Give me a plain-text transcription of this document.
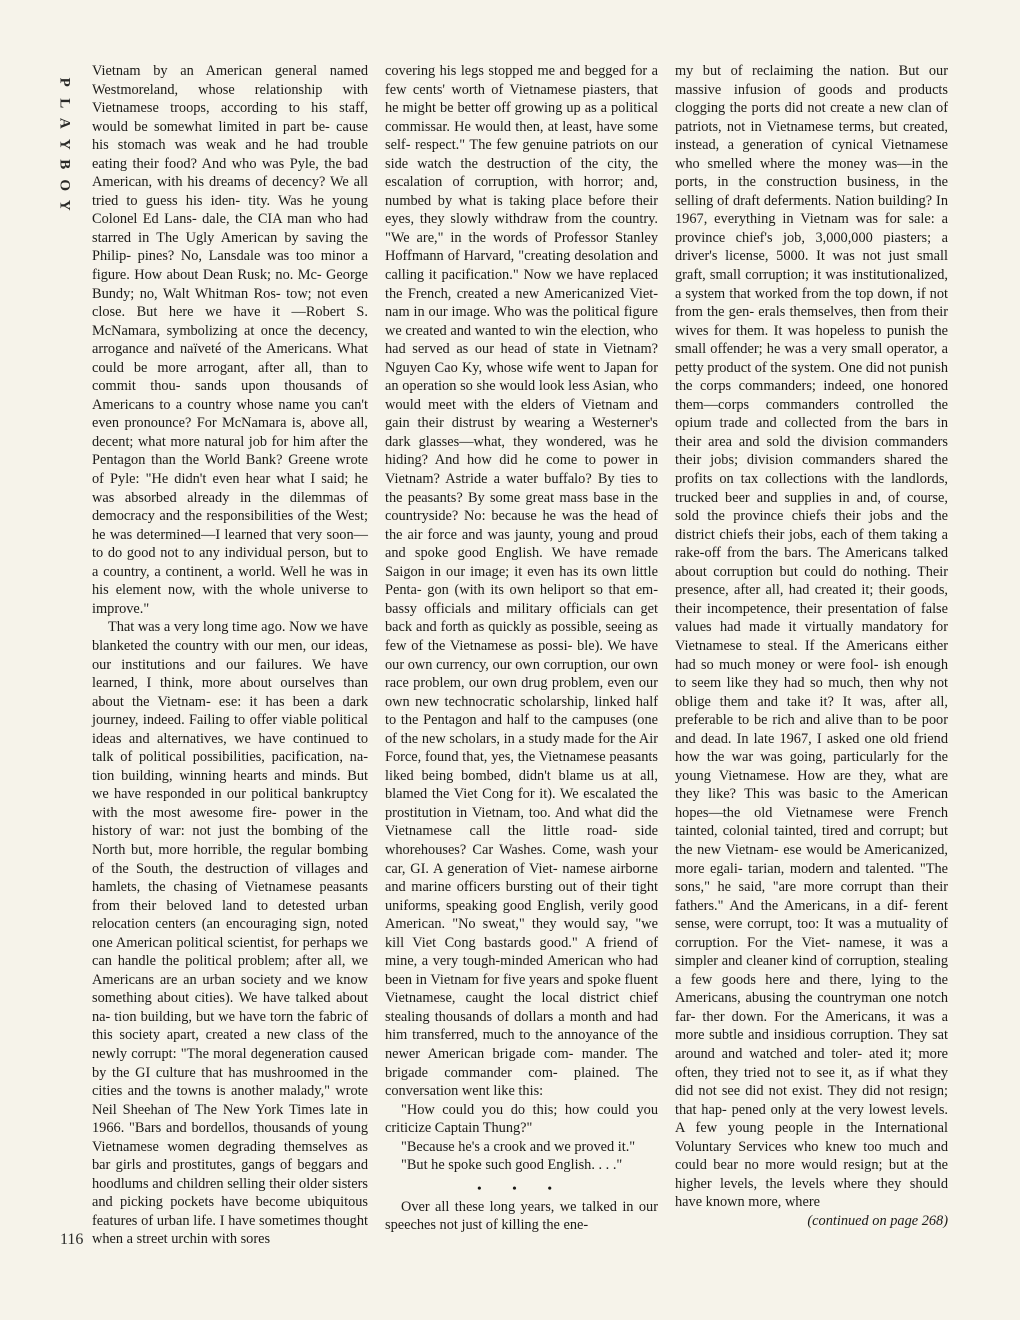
P
L
A
Y
B
O
Y
116

Vietnam by an American general named Westmoreland, whose relationship with Vietnamese troops, according to his staff, would be somewhat limited in part be- cause his stomach was weak and he had trouble eating their food? And who was Pyle, the bad American, with his dreams of decency? We all tried to guess his iden- tity. Was he young Colonel Ed Lans- dale, the CIA man who had starred in The Ugly American by saving the Philip- pines? No, Lansdale was too minor a figure. How about Dean Rusk; no. Mc- George Bundy; no, Walt Whitman Ros- tow; not even close. But here we have it —Robert S. McNamara, symbolizing at once the decency, arrogance and naïveté of the Americans. What could be more arrogant, after all, than to commit thou- sands upon thousands of Americans to a country whose name you can't even pronounce? For McNamara is, above all, decent; what more natural job for him after the Pentagon than the World Bank? Greene wrote of Pyle: "He didn't even hear what I said; he was absorbed already in the dilemmas of democracy and the responsibilities of the West; he was determined—I learned that very soon—to do good not to any individual person, but to a country, a continent, a world. Well he was in his element now, with the whole universe to improve."

That was a very long time ago. Now we have blanketed the country with our men, our ideas, our institutions and our failures. We have learned, I think, more about ourselves than about the Vietnam- ese: it has been a dark journey, indeed. Failing to offer viable political ideas and alternatives, we have continued to talk of political possibilities, pacification, na- tion building, winning hearts and minds. But we have responded in our political bankruptcy with the most awesome fire- power in the history of war: not just the bombing of the North but, more horrible, the regular bombing of the South, the destruction of villages and hamlets, the chasing of Vietnamese peasants from their beloved land to detested urban relocation centers (an encouraging sign, noted one American political scientist, for perhaps we can handle the political problem; after all, we Americans are an urban society and we know something about cities). We have talked about na- tion building, but we have torn the fabric of this society apart, created a new class of the newly corrupt: "The moral degeneration caused by the GI culture that has mushroomed in the cities and the towns is another malady," wrote Neil Sheehan of The New York Times late in 1966. "Bars and bordellos, thousands of young Vietnamese women degrading themselves as bar girls and prostitutes, gangs of beggars and hoodlums and children selling their older sisters and picking pockets have become ubiquitous features of urban life. I have sometimes thought when a street urchin with sores

covering his legs stopped me and begged for a few cents' worth of Vietnamese piasters, that he might be better off growing up as a political commissar. He would then, at least, have some self- respect." The few genuine patriots on our side watch the destruction of the city, the escalation of corruption, with horror; and, numbed by what is taking place before their eyes, they slowly withdraw from the country. "We are," in the words of Professor Stanley Hoffmann of Harvard, "creating desolation and calling it pacification." Now we have replaced the French, created a new Americanized Viet- nam in our image. Who was the political figure we created and wanted to win the election, who had served as our head of state in Vietnam? Nguyen Cao Ky, whose wife went to Japan for an operation so she would look less Asian, who would meet with the elders of Vietnam and gain their distrust by wearing a Westerner's dark glasses—what, they wondered, was he hiding? And how did he come to power in Vietnam? Astride a water buffalo? By ties to the peasants? By some great mass base in the countryside? No: because he was the head of the air force and was jaunty, young and proud and spoke good English. We have remade Saigon in our image; it even has its own little Penta- gon (with its own heliport so that em- bassy officials and military officials can get back and forth as quickly as possible, seeing as few of the Vietnamese as possi- ble). We have our own currency, our own corruption, our own race problem, our own drug problem, even our own new technocratic scholarship, linked half to the Pentagon and half to the campuses (one of the new scholars, in a study made for the Air Force, found that, yes, the Vietnamese peasants liked being bombed, didn't blame us at all, blamed the Viet Cong for it). We escalated the prostitution in Vietnam, too. And what did the Vietnamese call the little road- side whorehouses? Car Washes. Come, wash your car, GI. A generation of Viet- namese airborne and marine officers bursting out of their tight uniforms, speaking good English, verily good American. "No sweat," they would say, "we kill Viet Cong bastards good." A friend of mine, a very tough-minded American who had been in Vietnam for five years and spoke fluent Vietnamese, caught the local district chief stealing thousands of dollars a month and had him transferred, much to the annoyance of the newer American brigade com- mander. The brigade commander com- plained. The conversation went like this:

"How could you do this; how could you criticize Captain Thung?"

"Because he's a crook and we proved it."

"But he spoke such good English. . . ."

• • •

Over all these long years, we talked in our speeches not just of killing the ene-

my but of reclaiming the nation. But our massive infusion of goods and products clogging the ports did not create a new clan of patriots, not in Vietnamese terms, but created, instead, a generation of cynical Vietnamese who smelled where the money was—in the ports, in the construction business, in the selling of draft deferments. Nation building? In 1967, everything in Vietnam was for sale: a province chief's job, 3,000,000 piasters; a driver's license, 5000. It was not just small graft, small corruption; it was institutionalized, a system that worked from the top down, if not from the gen- erals themselves, then from their wives for them. It was hopeless to punish the small offender; he was a very small operator, a petty product of the system. One did not punish the corps commanders; indeed, one honored them—corps commanders controlled the opium trade and collected from the bars in their area and sold the division commanders their jobs; division commanders shared the profits on tax collections with the landlords, trucked beer and supplies in and, of course, sold the province chiefs their jobs and the district chiefs their jobs, each of them taking a rake-off from the bars. The Americans talked about corruption but could do nothing. Their presence, after all, had created it; their goods, their incompetence, their presentation of false values had made it virtually mandatory for Vietnamese to steal. If the Americans either had so much money or were fool- ish enough to seem like they had so much, then why not oblige them and take it? It was, after all, preferable to be rich and alive than to be poor and dead. In late 1967, I asked one old friend how the war was going, particularly for the young Vietnamese. How are they, what are they like? This was basic to the American hopes—the old Vietnamese were French tainted, colonial tainted, tired and corrupt; but the new Vietnam- ese would be Americanized, more egali- tarian, modern and talented. "The sons," he said, "are more corrupt than their fathers." And the Americans, in a dif- ferent sense, were corrupt, too: It was a mutuality of corruption. For the Viet- namese, it was a simpler and cleaner kind of corruption, stealing a few goods here and there, lying to the Americans, abusing the countryman one notch far- ther down. For the Americans, it was a more subtle and insidious corruption. They sat around and watched and toler- ated it; more often, they tried not to see it, as if what they did not see did not exist. They did not resign; that hap- pened only at the very lowest levels. A few young people in the International Voluntary Services who knew too much and could bear no more would resign; but at the higher levels, the levels where they should have known more, where

(continued on page 268)
